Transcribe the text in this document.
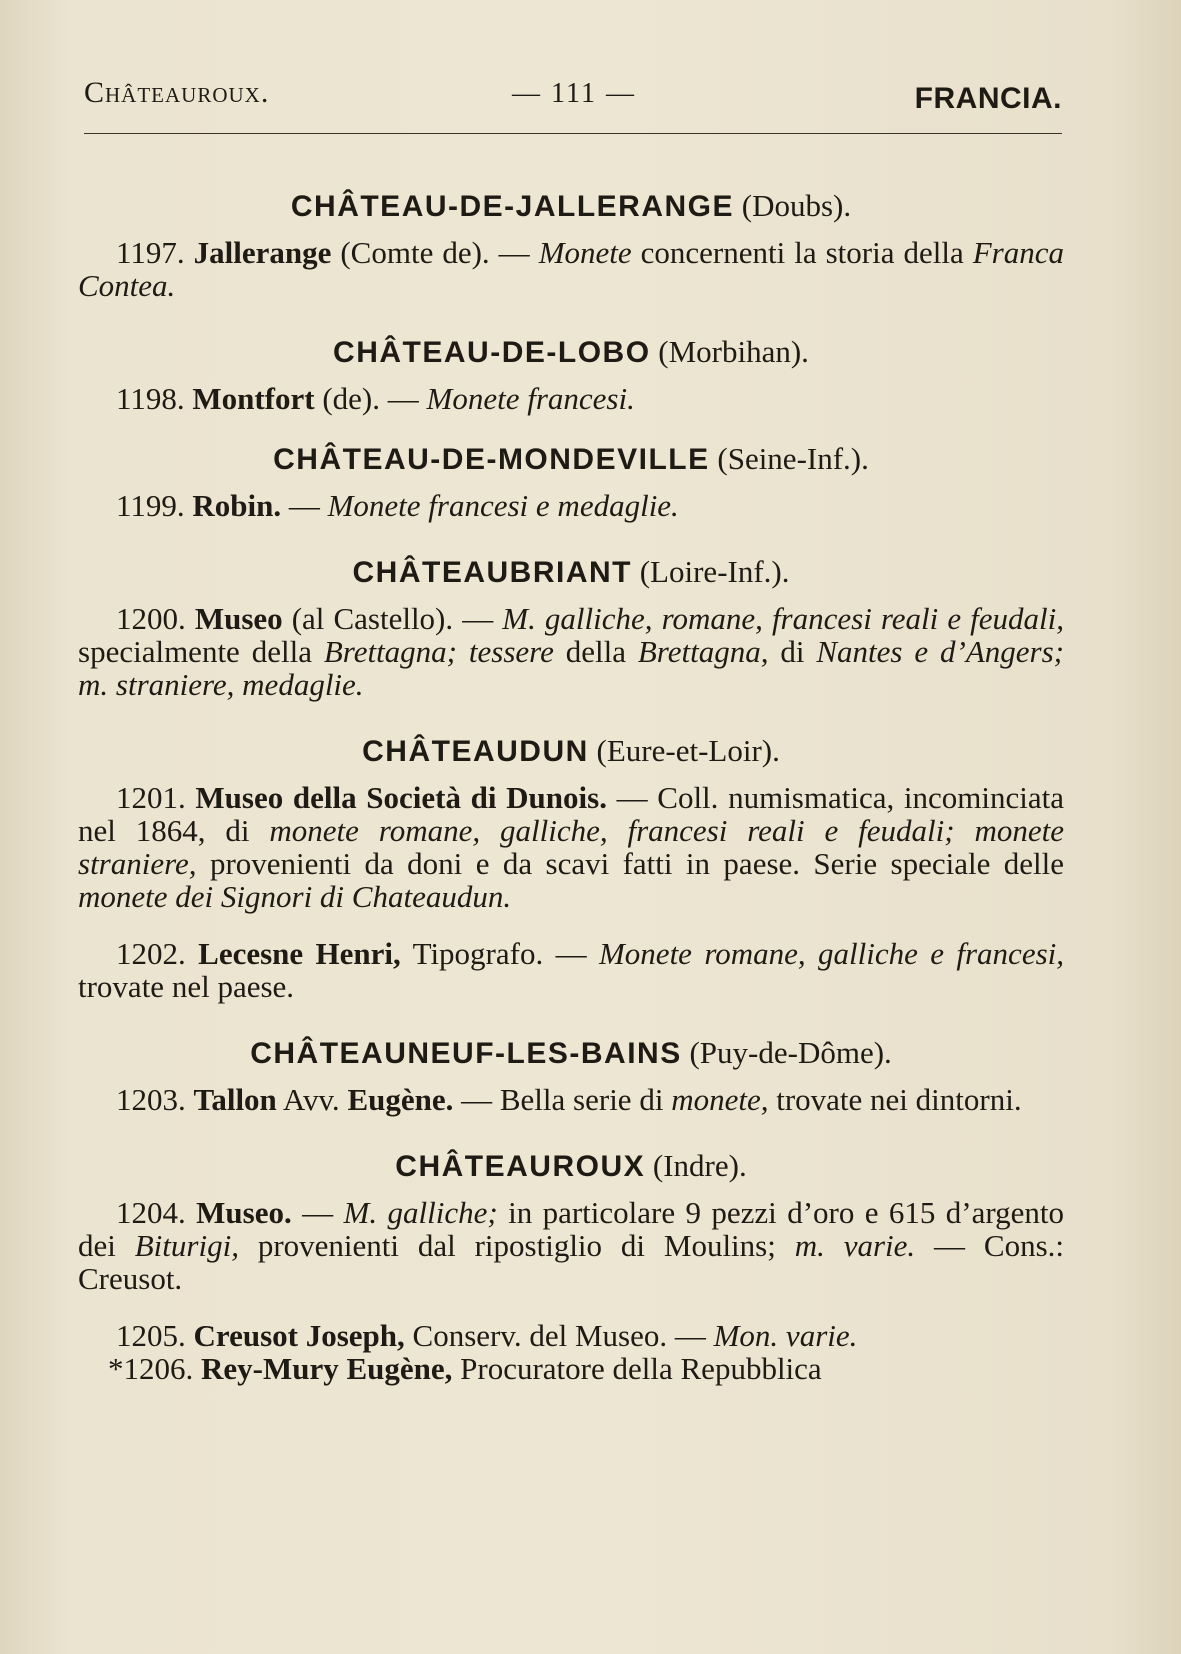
Châteauroux.	— 111 —	FRANCIA.
CHÂTEAU-DE-JALLERANGE (Doubs).

1197. Jallerange (Comte de). — Monete concernenti la storia della Franca Contea.

CHÂTEAU-DE-LOBO (Morbihan).

1198. Montfort (de). — Monete francesi.

CHÂTEAU-DE-MONDEVILLE (Seine-Inf.).

1199. Robin. — Monete francesi e medaglie.

CHÂTEAUBRIANT (Loire-Inf.).

1200. Museo (al Castello). — M. galliche, romane, francesi reali e feudali, specialmente della Brettagna; tessere della Brettagna, di Nantes e d’Angers; m. straniere, medaglie.

CHÂTEAUDUN (Eure-et-Loir).

1201. Museo della Società di Dunois. — Coll. numismatica, incominciata nel 1864, di monete romane, galliche, francesi reali e feudali; monete straniere, provenienti da doni e da scavi fatti in paese. Serie speciale delle monete dei Signori di Chateaudun.

1202. Lecesne Henri, Tipografo. — Monete romane, galliche e francesi, trovate nel paese.

CHÂTEAUNEUF-LES-BAINS (Puy-de-Dôme).

1203. Tallon Avv. Eugène. — Bella serie di monete, trovate nei dintorni.

CHÂTEAUROUX (Indre).

1204. Museo. — M. galliche; in particolare 9 pezzi d’oro e 615 d’argento dei Biturigi, provenienti dal ripostiglio di Moulins; m. varie. — Cons.: Creusot.

1205. Creusot Joseph, Conserv. del Museo. — Mon. varie.

*1206. Rey-Mury Eugène, Procuratore della Repubblica
